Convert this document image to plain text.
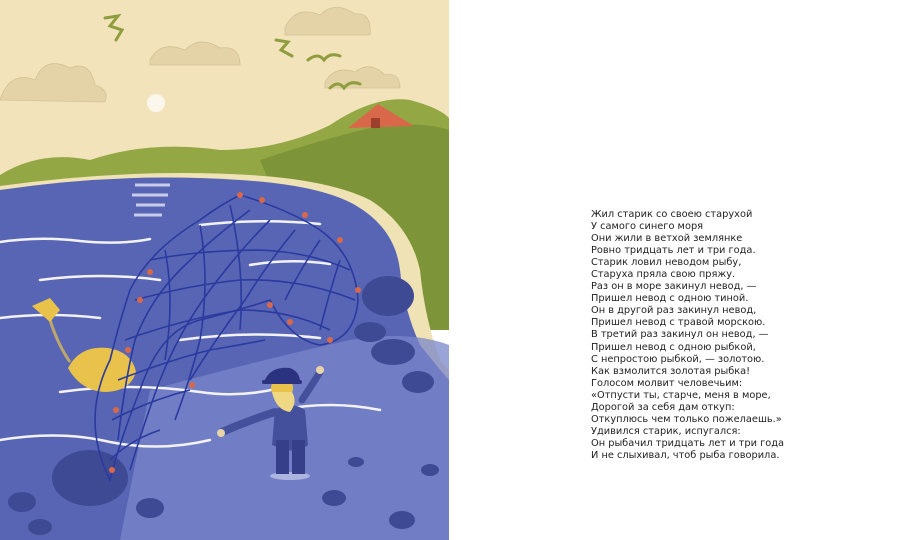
Жил старик со своею старухой
У самого синего моря
Они жили в ветхой землянке
Ровно тридцать лет и три года.
Старик ловил неводом рыбу,
Старуха пряла свою пряжу.
Раз он в море закинул невод, —
Пришел невод с одною тиной.
Он в другой раз закинул невод,
Пришел невод с травой морскою.
В третий раз закинул он невод, —
Пришел невод с одною рыбкой,
С непростою рыбкой, — золотою.
Как взмолится золотая рыбка!
Голосом молвит человечьим:
«Отпусти ты, старче, меня в море,
Дорогой за себя дам откуп:
Откуплюсь чем только пожелаешь.»
Удивился старик, испугался:
Он рыбачил тридцать лет и три года
И не слыхивал, чтоб рыба говорила.
